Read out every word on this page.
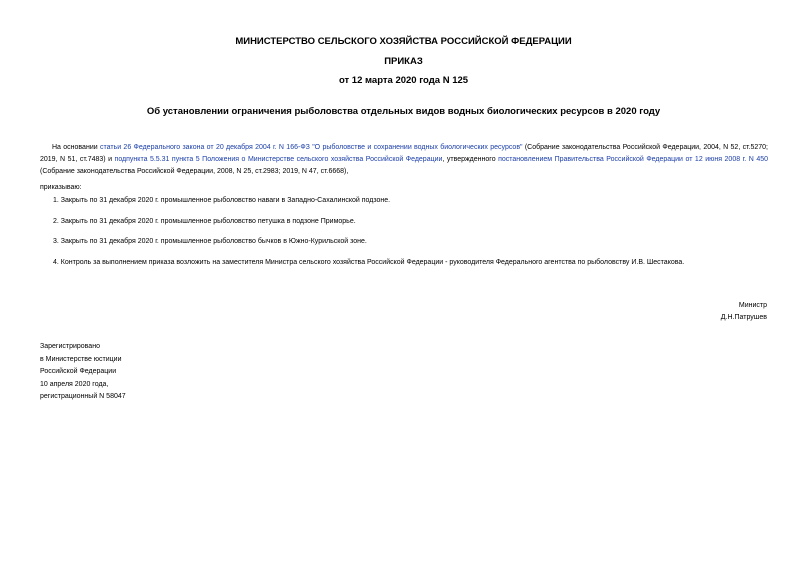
МИНИСТЕРСТВО СЕЛЬСКОГО ХОЗЯЙСТВА РОССИЙСКОЙ ФЕДЕРАЦИИ
ПРИКАЗ
от 12 марта 2020 года N 125
Об установлении ограничения рыболовства отдельных видов водных биологических ресурсов в 2020 году
На основании статьи 26 Федерального закона от 20 декабря 2004 г. N 166-ФЗ "О рыболовстве и сохранении водных биологических ресурсов" (Собрание законодательства Российской Федерации, 2004, N 52, ст.5270; 2019, N 51, ст.7483) и подпункта 5.5.31 пункта 5 Положения о Министерстве сельского хозяйства Российской Федерации, утвержденного постановлением Правительства Российской Федерации от 12 июня 2008 г. N 450 (Собрание законодательства Российской Федерации, 2008, N 25, ст.2983; 2019, N 47, ст.6668),
приказываю:
1. Закрыть по 31 декабря 2020 г. промышленное рыболовство наваги в Западно-Сахалинской подзоне.
2. Закрыть по 31 декабря 2020 г. промышленное рыболовство петушка в подзоне Приморье.
3. Закрыть по 31 декабря 2020 г. промышленное рыболовство бычков в Южно-Курильской зоне.
4. Контроль за выполнением приказа возложить на заместителя Министра сельского хозяйства Российской Федерации - руководителя Федерального агентства по рыболовству И.В. Шестакова.
Министр
Д.Н.Патрушев
Зарегистрировано
в Министерстве юстиции
Российской Федерации
10 апреля 2020 года,
регистрационный N 58047
